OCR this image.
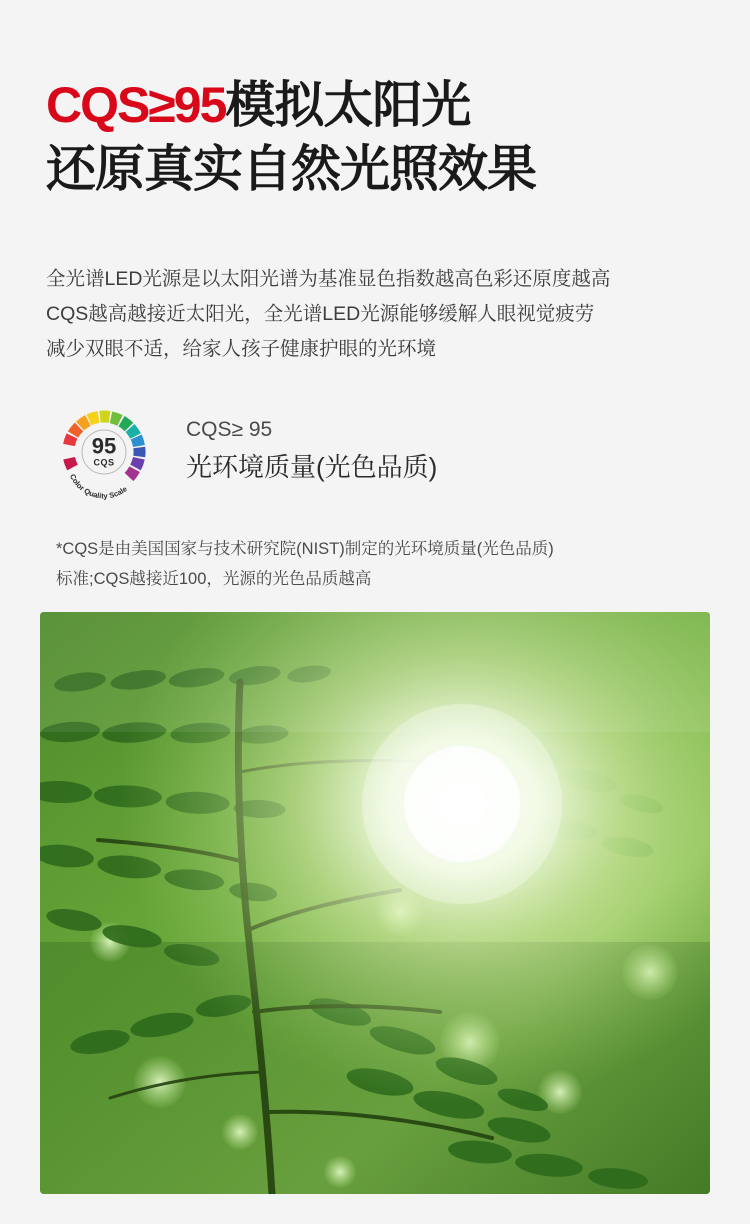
CQS≥95模拟太阳光
还原真实自然光照效果
全光谱LED光源是以太阳光谱为基准显色指数越高色彩还原度越高
CQS越高越接近太阳光，全光谱LED光源能够缓解人眼视觉疲劳
减少双眼不适，给家人孩子健康护眼的光环境
Color Quality Scale
95
CQS
CQS≥ 95
光环境质量(光色品质)
*CQS是由美国国家与技术研究院(NIST)制定的光环境质量(光色品质)
标准;CQS越接近100，光源的光色品质越高
